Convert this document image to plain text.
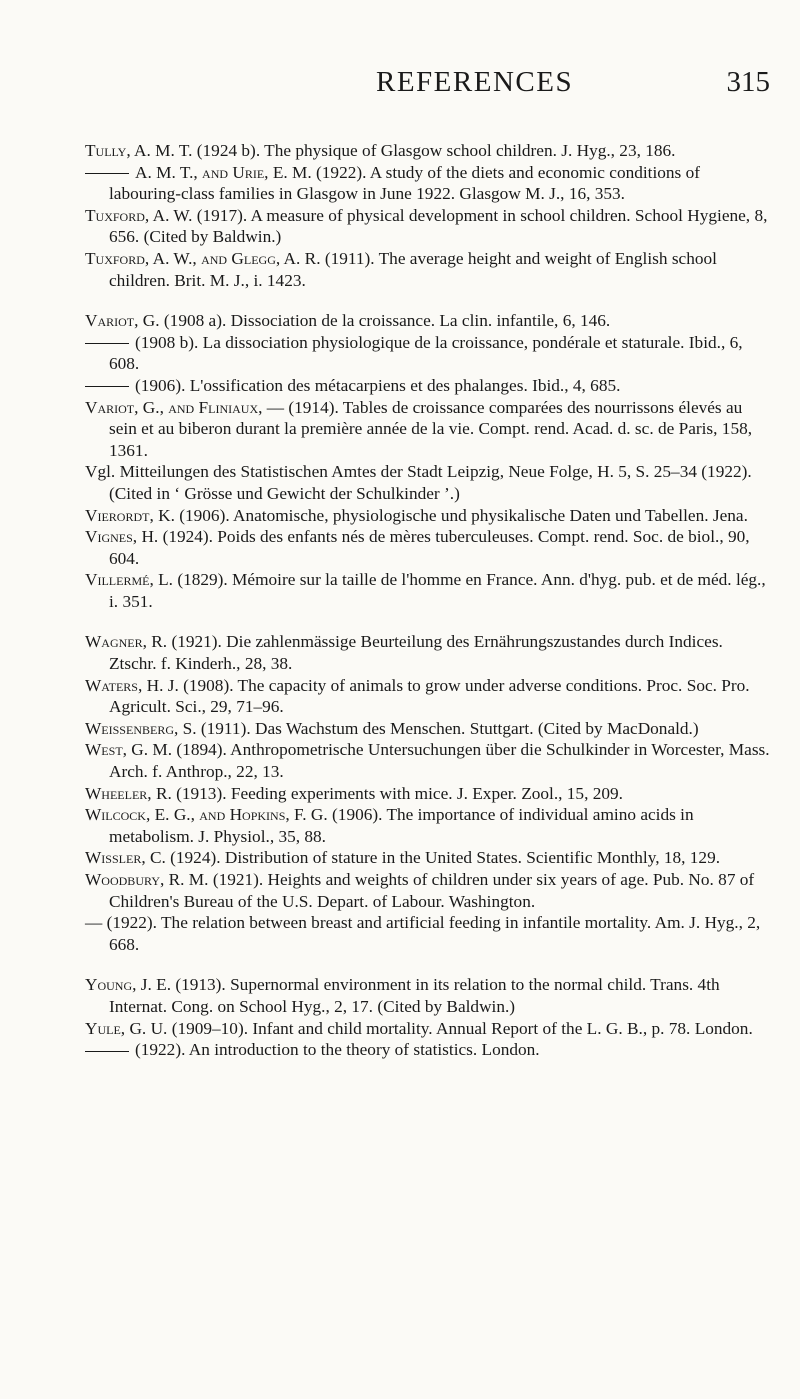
REFERENCES	315

Tully, A. M. T. (1924 b). The physique of Glasgow school children. J. Hyg., 23, 186.

A. M. T., and Urie, E. M. (1922). A study of the diets and economic conditions of labouring-class families in Glasgow in June 1922. Glasgow M. J., 16, 353.

Tuxford, A. W. (1917). A measure of physical development in school children. School Hygiene, 8, 656. (Cited by Baldwin.)

Tuxford, A. W., and Glegg, A. R. (1911). The average height and weight of English school children. Brit. M. J., i. 1423.

Variot, G. (1908 a). Dissociation de la croissance. La clin. infantile, 6, 146.

(1908 b). La dissociation physiologique de la croissance, pondérale et staturale. Ibid., 6, 608.

(1906). L'ossification des métacarpiens et des phalanges. Ibid., 4, 685.

Variot, G., and Fliniaux, — (1914). Tables de croissance comparées des nourrissons élevés au sein et au biberon durant la première année de la vie. Compt. rend. Acad. d. sc. de Paris, 158, 1361.

Vgl. Mitteilungen des Statistischen Amtes der Stadt Leipzig, Neue Folge, H. 5, S. 25–34 (1922). (Cited in ‘ Grösse und Gewicht der Schulkinder ’.)

Vierordt, K. (1906). Anatomische, physiologische und physikalische Daten und Tabellen. Jena.

Vignes, H. (1924). Poids des enfants nés de mères tuberculeuses. Compt. rend. Soc. de biol., 90, 604.

Villermé, L. (1829). Mémoire sur la taille de l'homme en France. Ann. d'hyg. pub. et de méd. lég., i. 351.

Wagner, R. (1921). Die zahlenmässige Beurteilung des Ernährungszustandes durch Indices. Ztschr. f. Kinderh., 28, 38.

Waters, H. J. (1908). The capacity of animals to grow under adverse conditions. Proc. Soc. Pro. Agricult. Sci., 29, 71–96.

Weissenberg, S. (1911). Das Wachstum des Menschen. Stuttgart. (Cited by MacDonald.)

West, G. M. (1894). Anthropometrische Untersuchungen über die Schulkinder in Worcester, Mass. Arch. f. Anthrop., 22, 13.

Wheeler, R. (1913). Feeding experiments with mice. J. Exper. Zool., 15, 209.

Wilcock, E. G., and Hopkins, F. G. (1906). The importance of individual amino acids in metabolism. J. Physiol., 35, 88.

Wissler, C. (1924). Distribution of stature in the United States. Scientific Monthly, 18, 129.

Woodbury, R. M. (1921). Heights and weights of children under six years of age. Pub. No. 87 of Children's Bureau of the U.S. Depart. of Labour. Washington.

— (1922). The relation between breast and artificial feeding in infantile mortality. Am. J. Hyg., 2, 668.

Young, J. E. (1913). Supernormal environment in its relation to the normal child. Trans. 4th Internat. Cong. on School Hyg., 2, 17. (Cited by Baldwin.)

Yule, G. U. (1909–10). Infant and child mortality. Annual Report of the L. G. B., p. 78. London.

(1922). An introduction to the theory of statistics. London.
